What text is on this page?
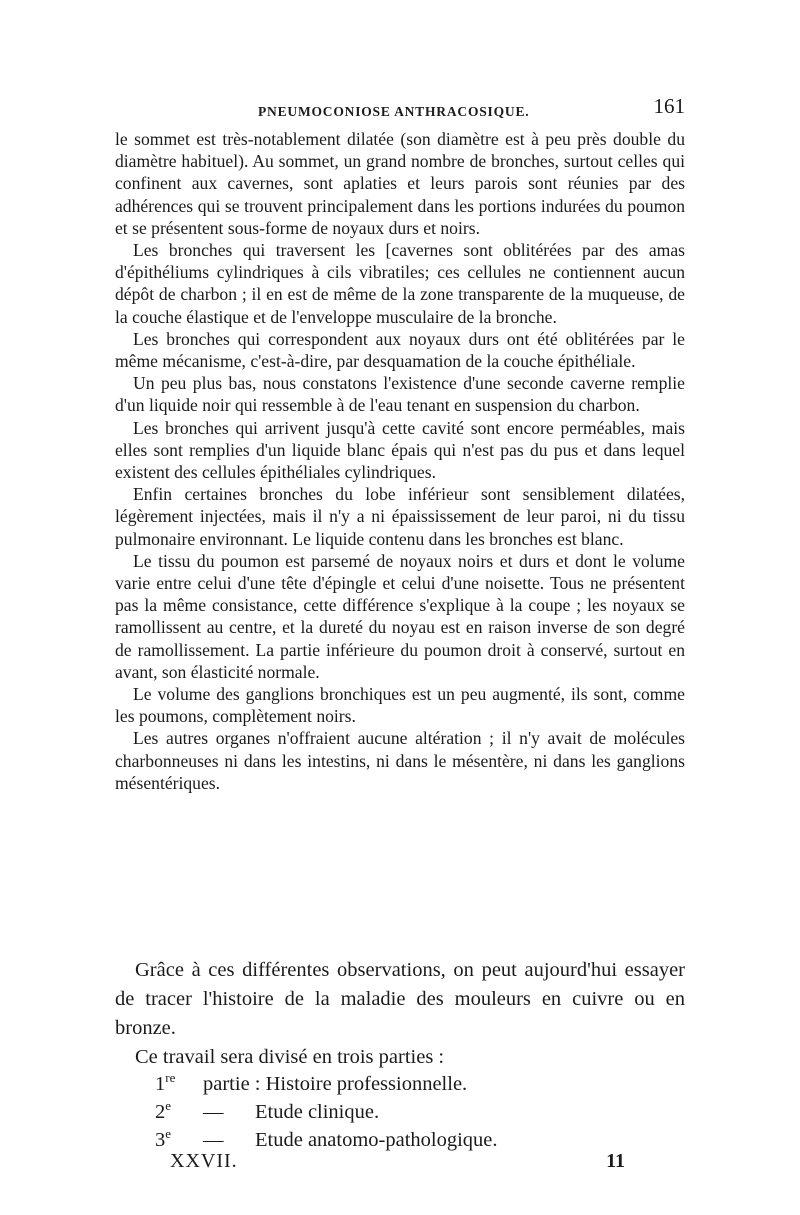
PNEUMOCONIOSE ANTHRACOSIQUE.	161

le sommet est très-notablement dilatée (son diamètre est à peu près double du diamètre habituel). Au sommet, un grand nombre de bronches, surtout celles qui confinent aux cavernes, sont aplaties et leurs parois sont réunies par des adhérences qui se trouvent principalement dans les portions indurées du poumon et se présentent sous-forme de noyaux durs et noirs.

Les bronches qui traversent les [cavernes sont oblitérées par des amas d'épithéliums cylindriques à cils vibratiles; ces cellules ne contiennent aucun dépôt de charbon ; il en est de même de la zone transparente de la muqueuse, de la couche élastique et de l'enveloppe musculaire de la bronche.

Les bronches qui correspondent aux noyaux durs ont été oblitérées par le même mécanisme, c'est-à-dire, par desquamation de la couche épithéliale.

Un peu plus bas, nous constatons l'existence d'une seconde caverne remplie d'un liquide noir qui ressemble à de l'eau tenant en suspension du charbon.

Les bronches qui arrivent jusqu'à cette cavité sont encore perméables, mais elles sont remplies d'un liquide blanc épais qui n'est pas du pus et dans lequel existent des cellules épithéliales cylindriques.

Enfin certaines bronches du lobe inférieur sont sensiblement dilatées, légèrement injectées, mais il n'y a ni épaississement de leur paroi, ni du tissu pulmonaire environnant. Le liquide contenu dans les bronches est blanc.

Le tissu du poumon est parsemé de noyaux noirs et durs et dont le volume varie entre celui d'une tête d'épingle et celui d'une noisette. Tous ne présentent pas la même consistance, cette différence s'explique à la coupe ; les noyaux se ramollissent au centre, et la dureté du noyau est en raison inverse de son degré de ramollissement. La partie inférieure du poumon droit à conservé, surtout en avant, son élasticité normale.

Le volume des ganglions bronchiques est un peu augmenté, ils sont, comme les poumons, complètement noirs.

Les autres organes n'offraient aucune altération ; il n'y avait de molécules charbonneuses ni dans les intestins, ni dans le mésentère, ni dans les ganglions mésentériques.

Grâce à ces différentes observations, on peut aujourd'hui essayer de tracer l'histoire de la maladie des mouleurs en cuivre ou en bronze.

Ce travail sera divisé en trois parties :

1re partie : Histoire professionnelle.
2e — Etude clinique.
3e — Etude anatomo-pathologique.
XXVII.	11
